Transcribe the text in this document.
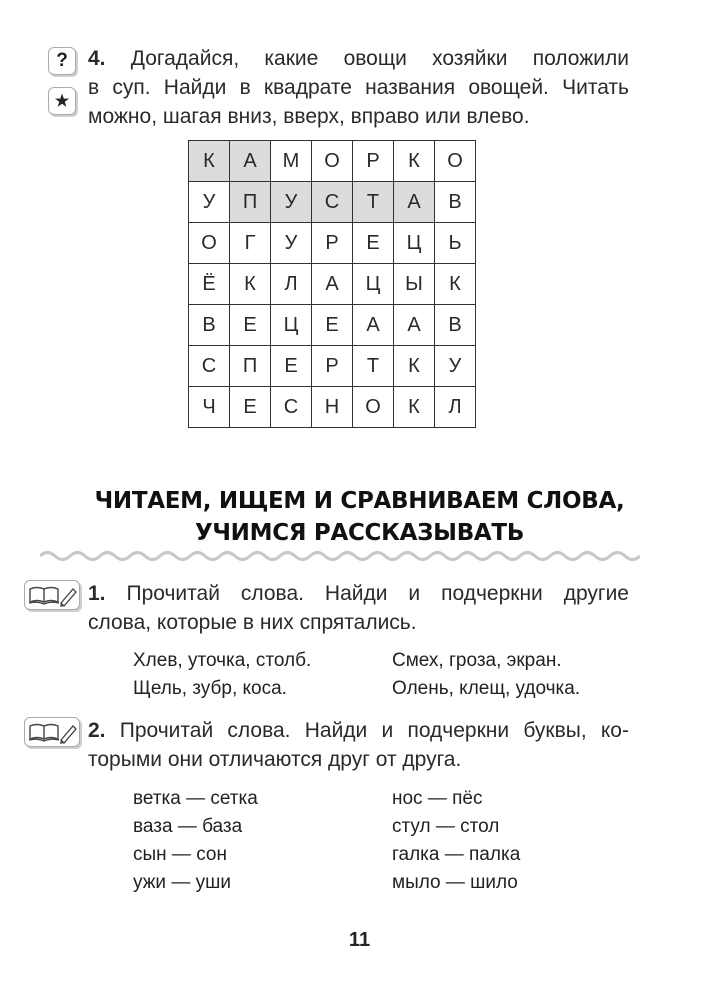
?
★
4. Догадайся, какие овощи хозяйки положили
в суп. Найди в квадрате названия овощей. Читать
можно, шагая вниз, вверх, вправо или влево.
К	А	М	О	Р	К	О
У	П	У	С	Т	А	В
О	Г	У	Р	Е	Ц	Ь
Ё	К	Л	А	Ц	Ы	К
В	Е	Ц	Е	А	А	В
С	П	Е	Р	Т	К	У
Ч	Е	С	Н	О	К	Л
ЧИТАЕМ, ИЩЕМ И СРАВНИВАЕМ СЛОВА,
УЧИМСЯ РАССКАЗЫВАТЬ
1. Прочитай слова. Найди и подчеркни другие
слова, которые в них спрятались.
Хлев, уточка, столб.
Щель, зубр, коса.
Смех, гроза, экран.
Олень, клещ, удочка.
2. Прочитай слова. Найди и подчеркни буквы, ко-
торыми они отличаются друг от друга.
ветка — сетка
ваза — база
сын — сон
ужи — уши
нос — пёс
стул — стол
галка — палка
мыло — шило
11
